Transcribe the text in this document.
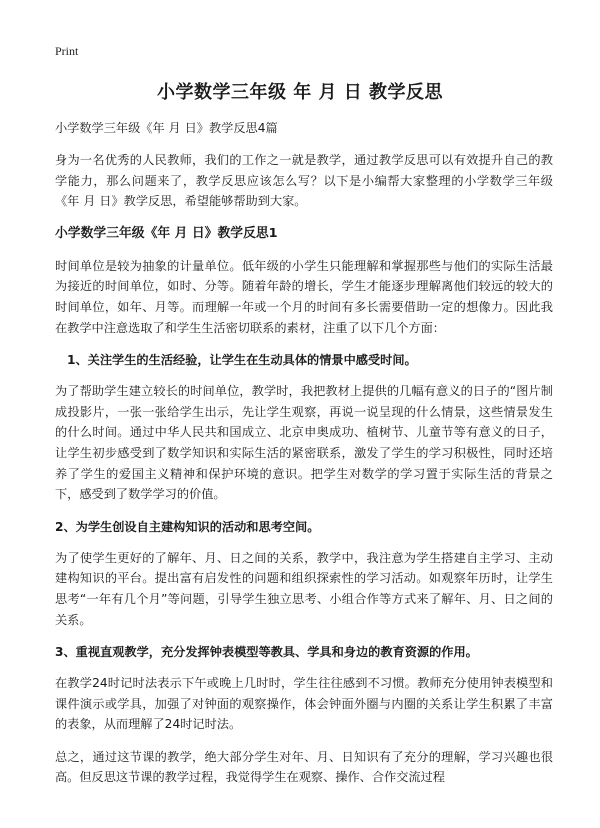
Print
小学数学三年级 年 月 日 教学反思
小学数学三年级《年 月 日》教学反思4篇

身为一名优秀的人民教师，我们的工作之一就是教学，通过教学反思可以有效提升自己的教学能力，那么问题来了，教学反思应该怎么写？以下是小编帮大家整理的小学数学三年级《年 月 日》教学反思，希望能够帮助到大家。

小学数学三年级《年 月 日》教学反思1

时间单位是较为抽象的计量单位。低年级的小学生只能理解和掌握那些与他们的实际生活最为接近的时间单位，如时、分等。随着年龄的增长，学生才能逐步理解离他们较远的较大的时间单位，如年、月等。而理解一年或一个月的时间有多长需要借助一定的想像力。因此我在教学中注意选取了和学生生活密切联系的素材，注重了以下几个方面：

1、关注学生的生活经验，让学生在生动具体的情景中感受时间。

为了帮助学生建立较长的时间单位，教学时，我把教材上提供的几幅有意义的日子的“图片制成投影片，一张一张给学生出示，先让学生观察，再说一说呈现的什么情景，这些情景发生的什么时间。通过中华人民共和国成立、北京申奥成功、植树节、儿童节等有意义的日子，让学生初步感受到了数学知识和实际生活的紧密联系，激发了学生的学习积极性，同时还培养了学生的爱国主义精神和保护环境的意识。把学生对数学的学习置于实际生活的背景之下，感受到了数学学习的价值。

2、为学生创设自主建构知识的活动和思考空间。

为了使学生更好的了解年、月、日之间的关系，教学中，我注意为学生搭建自主学习、主动建构知识的平台。提出富有启发性的问题和组织探索性的学习活动。如观察年历时，让学生思考“一年有几个月”等问题，引导学生独立思考、小组合作等方式来了解年、月、日之间的关系。

3、重视直观教学，充分发挥钟表模型等教具、学具和身边的教育资源的作用。

在教学24时记时法表示下午或晚上几时时，学生往往感到不习惯。教师充分使用钟表模型和课件演示或学具，加强了对钟面的观察操作，体会钟面外圈与内圈的关系让学生积累了丰富的表象，从而理解了24时记时法。

总之，通过这节课的教学，绝大部分学生对年、月、日知识有了充分的理解，学习兴趣也很高。但反思这节课的教学过程，我觉得学生在观察、操作、合作交流过程
